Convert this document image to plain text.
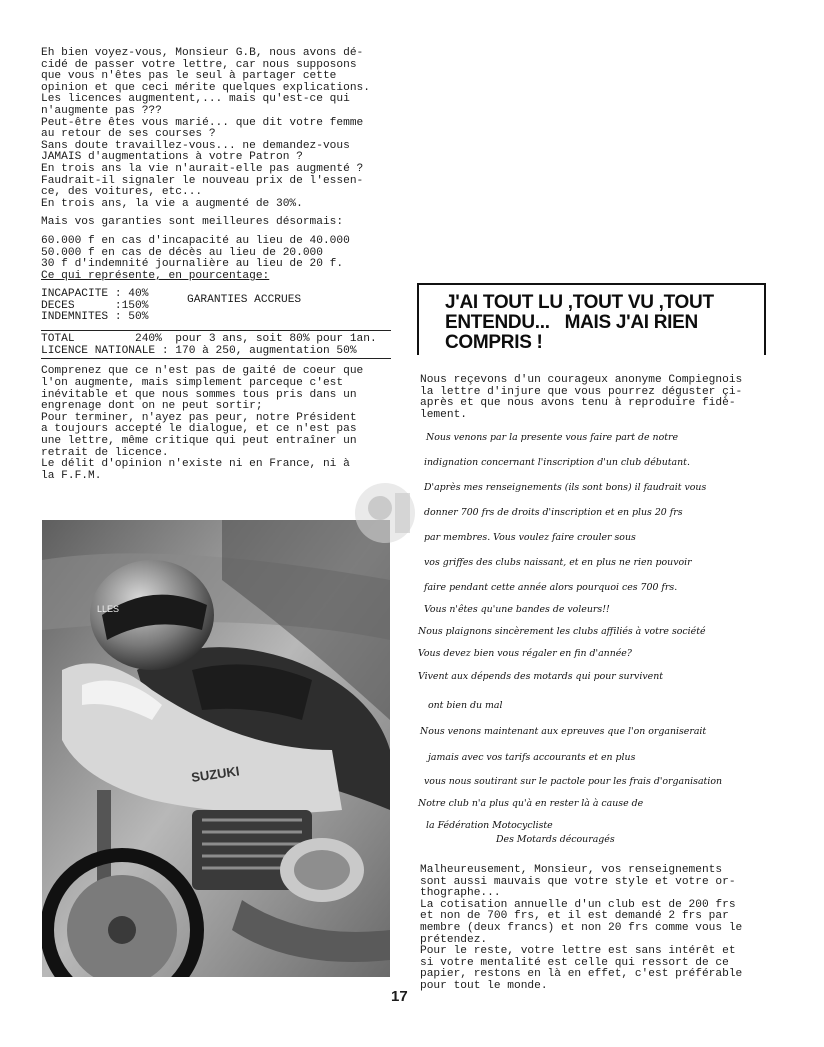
Eh bien voyez-vous, Monsieur G.B, nous avons dé-
cidé de passer votre lettre, car nous supposons
que vous n'êtes pas le seul à partager cette
opinion et que ceci mérite quelques explications.
Les licences augmentent,... mais qu'est-ce qui
n'augmente pas ???
Peut-être êtes vous marié... que dit votre femme
au retour de ses courses ?
Sans doute travaillez-vous... ne demandez-vous
JAMAIS d'augmentations à votre Patron ?
En trois ans la vie n'aurait-elle pas augmenté ?
Faudrait-il signaler le nouveau prix de l'essen-
ce, des voitures, etc...
En trois ans, la vie a augmenté de 30%.
Mais vos garanties sont meilleures désormais:
60.000 f en cas d'incapacité au lieu de 40.000
50.000 f en cas de décès au lieu de 20.000
30 f d'indemnité journalière au lieu de 20 f.
Ce qui représente, en pourcentage:
INCAPACITE : 40%
DECES      :150%
INDEMNITES : 50%
GARANTIES ACCRUES
TOTAL         240%  pour 3 ans, soit 80% pour 1an.
LICENCE NATIONALE : 170 à 250, augmentation 50%
Comprenez que ce n'est pas de gaité de coeur que
l'on augmente, mais simplement parceque c'est
inévitable et que nous sommes tous pris dans un
engrenage dont on ne peut sortir;
Pour terminer, n'ayez pas peur, notre Président
a toujours accepté le dialogue, et ce n'est pas
une lettre, même critique qui peut entraîner un
retrait de licence.
Le délit d'opinion n'existe ni en France, ni à
la F.F.M.
J'AI TOUT LU ,TOUT VU ,TOUT
ENTENDU...   MAIS J'AI RIEN
COMPRIS !
Nous reçevons d'un courageux anonyme Compiegnois
la lettre d'injure que vous pourrez déguster çi-
après et que nous avons tenu à reproduire fidè-
lement.
Nous venons par la presente vous faire part de notre
indignation concernant l'inscription d'un club débutant.
D'après mes renseignements (ils sont bons) il faudrait vous
donner 700 frs de droits d'inscription et en plus 20 frs
par membres. Vous voulez faire crouler sous
vos griffes des clubs naissant, et en plus ne rien pouvoir
faire pendant cette année alors pourquoi ces 700 frs.
Vous n'êtes qu'une bandes de voleurs!!
Nous plaignons sincèrement les clubs affiliés à votre société
Vous devez bien vous régaler en fin d'année?
Vivent aux dépends des motards qui pour survivent
ont bien du mal
Nous venons maintenant aux epreuves que l'on organiserait
jamais avec vos tarifs accourants et en plus
vous nous soutirant sur le pactole pour les frais d'organisation
Notre club n'a plus qu'à en rester là à cause de
la Fédération Motocycliste
Des Motards découragés
Malheureusement, Monsieur, vos renseignements
sont aussi mauvais que votre style et votre or-
thographe...
La cotisation annuelle d'un club est de 200 frs
et non de 700 frs, et il est demandé 2 frs par
membre (deux francs) et non 20 frs comme vous le
prétendez.
Pour le reste, votre lettre est sans intérêt et
si votre mentalité est celle qui ressort de ce
papier, restons en là en effet, c'est préférable
pour tout le monde.
LLES
SUZUKI
17
